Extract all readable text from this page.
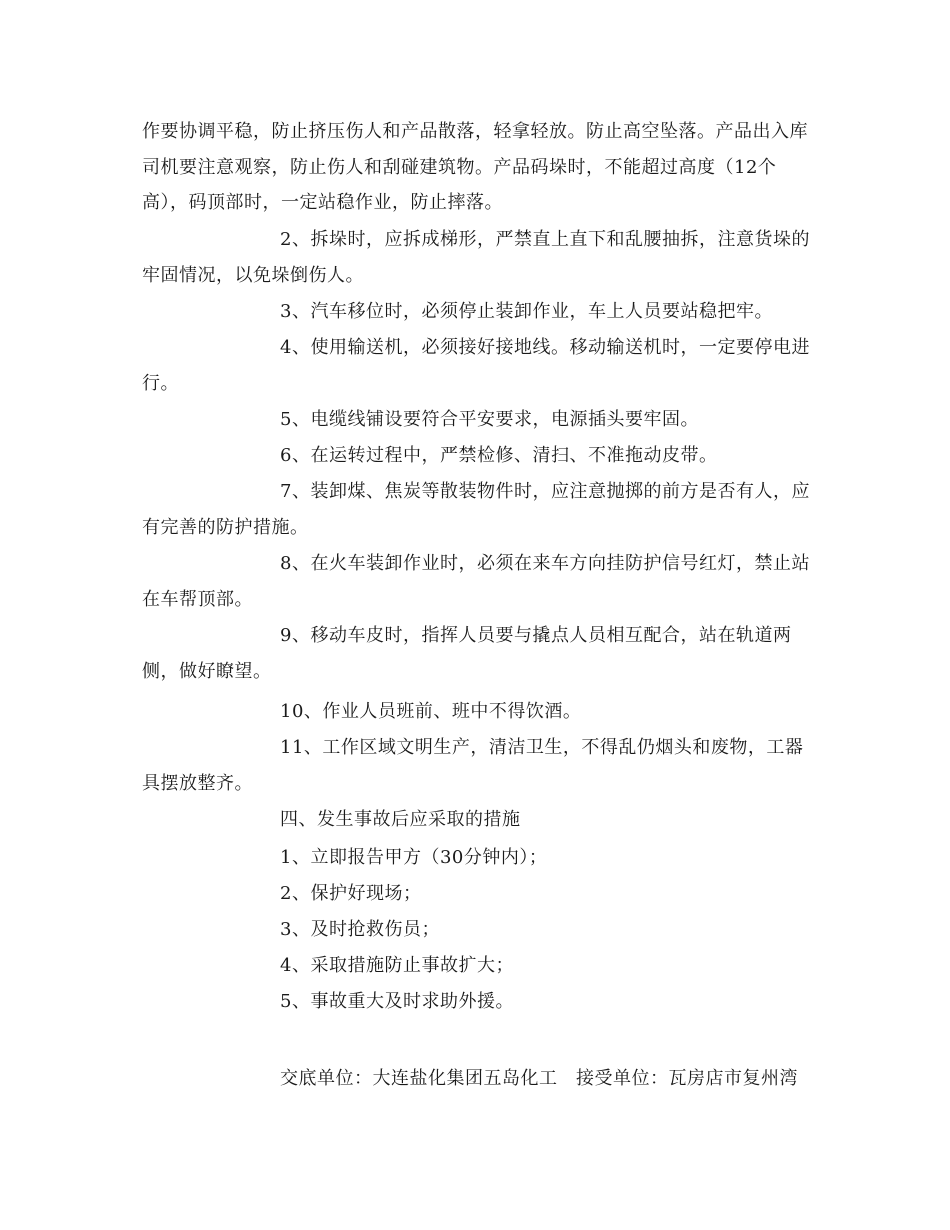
作要协调平稳，防止挤压伤人和产品散落，轻拿轻放。防止高空坠落。产品出入库
司机要注意观察，防止伤人和刮碰建筑物。产品码垛时，不能超过高度（12个
高），码顶部时，一定站稳作业，防止摔落。
2、拆垛时，应拆成梯形，严禁直上直下和乱腰抽拆，注意货垛的
牢固情况，以免垛倒伤人。
3、汽车移位时，必须停止装卸作业，车上人员要站稳把牢。
4、使用输送机，必须接好接地线。移动输送机时，一定要停电进
行。
5、电缆线铺设要符合平安要求，电源插头要牢固。
6、在运转过程中，严禁检修、清扫、不准拖动皮带。
7、装卸煤、焦炭等散装物件时，应注意抛掷的前方是否有人，应
有完善的防护措施。
8、在火车装卸作业时，必须在来车方向挂防护信号红灯，禁止站
在车帮顶部。
9、移动车皮时，指挥人员要与撬点人员相互配合，站在轨道两
侧，做好瞭望。
10、作业人员班前、班中不得饮酒。
11、工作区域文明生产，清洁卫生，不得乱仍烟头和废物，工器
具摆放整齐。
四、发生事故后应采取的措施
1、立即报告甲方（30分钟内）；
2、保护好现场；
3、及时抢救伤员；
4、采取措施防止事故扩大；
5、事故重大及时求助外援。
交底单位：大连盐化集团五岛化工　接受单位：瓦房店市复州湾
